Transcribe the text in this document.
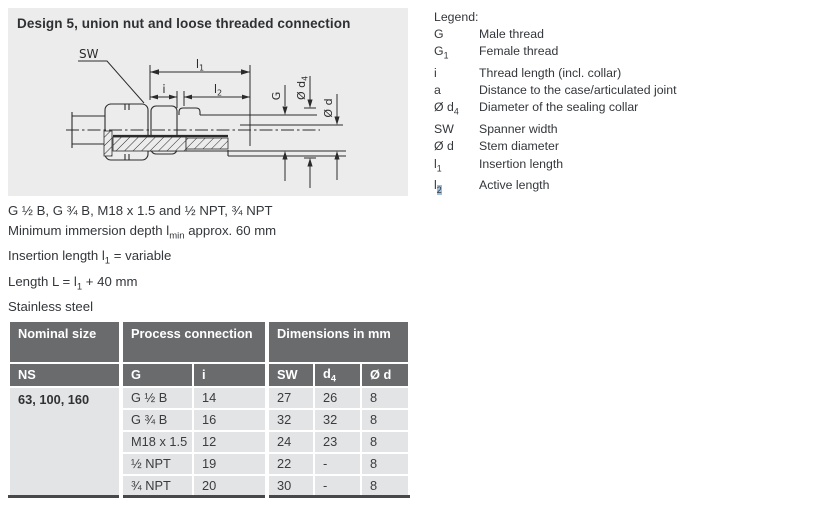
Design 5, union nut and loose threaded connection
SW
$l_1$
i	$l_2$	G Ø $d_4$
Ø d
Legend:
G	Male thread
$G_1$	Female thread
i	Thread length (incl. collar)
a	Distance to the case/articulated joint
Ø $d_4$	Diameter of the sealing collar
SW	Spanner width
Ø d	Stem diameter
$l_1$	Insertion length
$l_2$	Active length
G ½ B, G ¾ B, M18 x 1.5 and ½ NPT, ¾ NPT
Minimum immersion depth $l_{min}$ approx. 60 mm
Insertion length $l_1$ = variable
Length $L = l_1 + 40$ mm
Stainless steel
Nominal size	Process connection		Dimensions in mm		
NS	G	i	SW	$d_4$	Ø d
63, 100, 160	G ½ B	14	27	26	8
	G ¾ B	16	32	32	8
	M18 x 1.5	12	24	23	8
	½ NPT	19	22	-	8
	¾ NPT	20	30	-	8
